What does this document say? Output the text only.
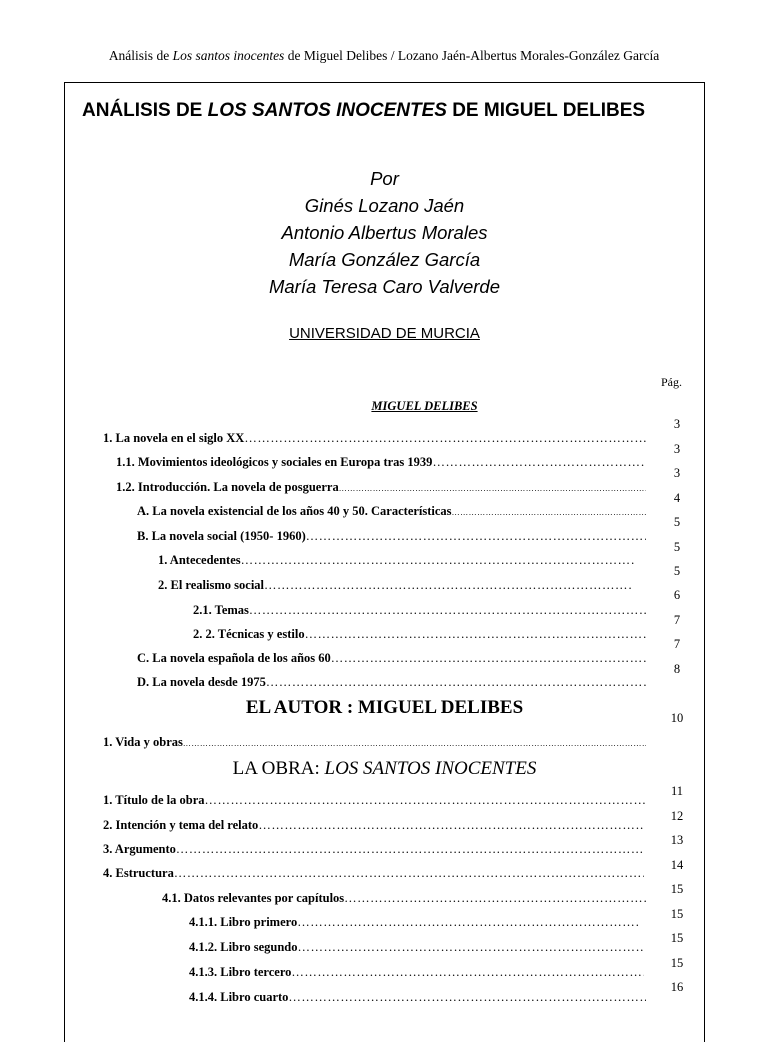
Análisis de Los santos inocentes de Miguel Delibes / Lozano Jaén-Albertus Morales-González García
ANÁLISIS DE LOS SANTOS INOCENTES DE MIGUEL DELIBES
Por
Ginés Lozano Jaén
Antonio Albertus Morales
María González García
María Teresa Caro Valverde
UNIVERSIDAD DE MURCIA
Pág.
MIGUEL DELIBES
1. La novela en el siglo XX
……………………………………………………………………………………………………………………………………………………………………………………………
1.1. Movimientos ideológicos y sociales en Europa tras 1939
……………………………………………………………………………………………………………………………………………………………………………………………
1.2. Introducción. La novela de posguerra
……………………………………………………………………………………………………………………………………………………………………………………………
A. La novela existencial de los años 40 y 50. Características
……………………………………………………………………………………………………………………………………………………………………………………………
B. La novela social (1950- 1960)
……………………………………………………………………………………………………………………………………………………………………………………………
1. Antecedentes
……………………………………………………………………………………………………………………………………………………………………………………………
2. El realismo social
……………………………………………………………………………………………………………………………………………………………………………………………
2.1. Temas
……………………………………………………………………………………………………………………………………………………………………………………………
2. 2. Técnicas y estilo
……………………………………………………………………………………………………………………………………………………………………………………………
C. La novela española de los años 60
……………………………………………………………………………………………………………………………………………………………………………………………
D. La novela desde 1975
……………………………………………………………………………………………………………………………………………………………………………………………
EL AUTOR : MIGUEL DELIBES
1. Vida y obras
……………………………………………………………………………………………………………………………………………………………………………………………
LA OBRA: LOS SANTOS INOCENTES
1. Título de la obra
……………………………………………………………………………………………………………………………………………………………………………………………
2. Intención y tema del relato
……………………………………………………………………………………………………………………………………………………………………………………………
3. Argumento
……………………………………………………………………………………………………………………………………………………………………………………………
4. Estructura
……………………………………………………………………………………………………………………………………………………………………………………………
4.1. Datos relevantes por capítulos
……………………………………………………………………………………………………………………………………………………………………………………………
4.1.1. Libro primero
……………………………………………………………………………………………………………………………………………………………………………………………
4.1.2. Libro segundo
……………………………………………………………………………………………………………………………………………………………………………………………
4.1.3. Libro tercero
……………………………………………………………………………………………………………………………………………………………………………………………
4.1.4. Libro cuarto
……………………………………………………………………………………………………………………………………………………………………………………………
3
3
3
4
5
5
5
6
7
7
8
10
11
12
13
14
15
15
15
15
16
